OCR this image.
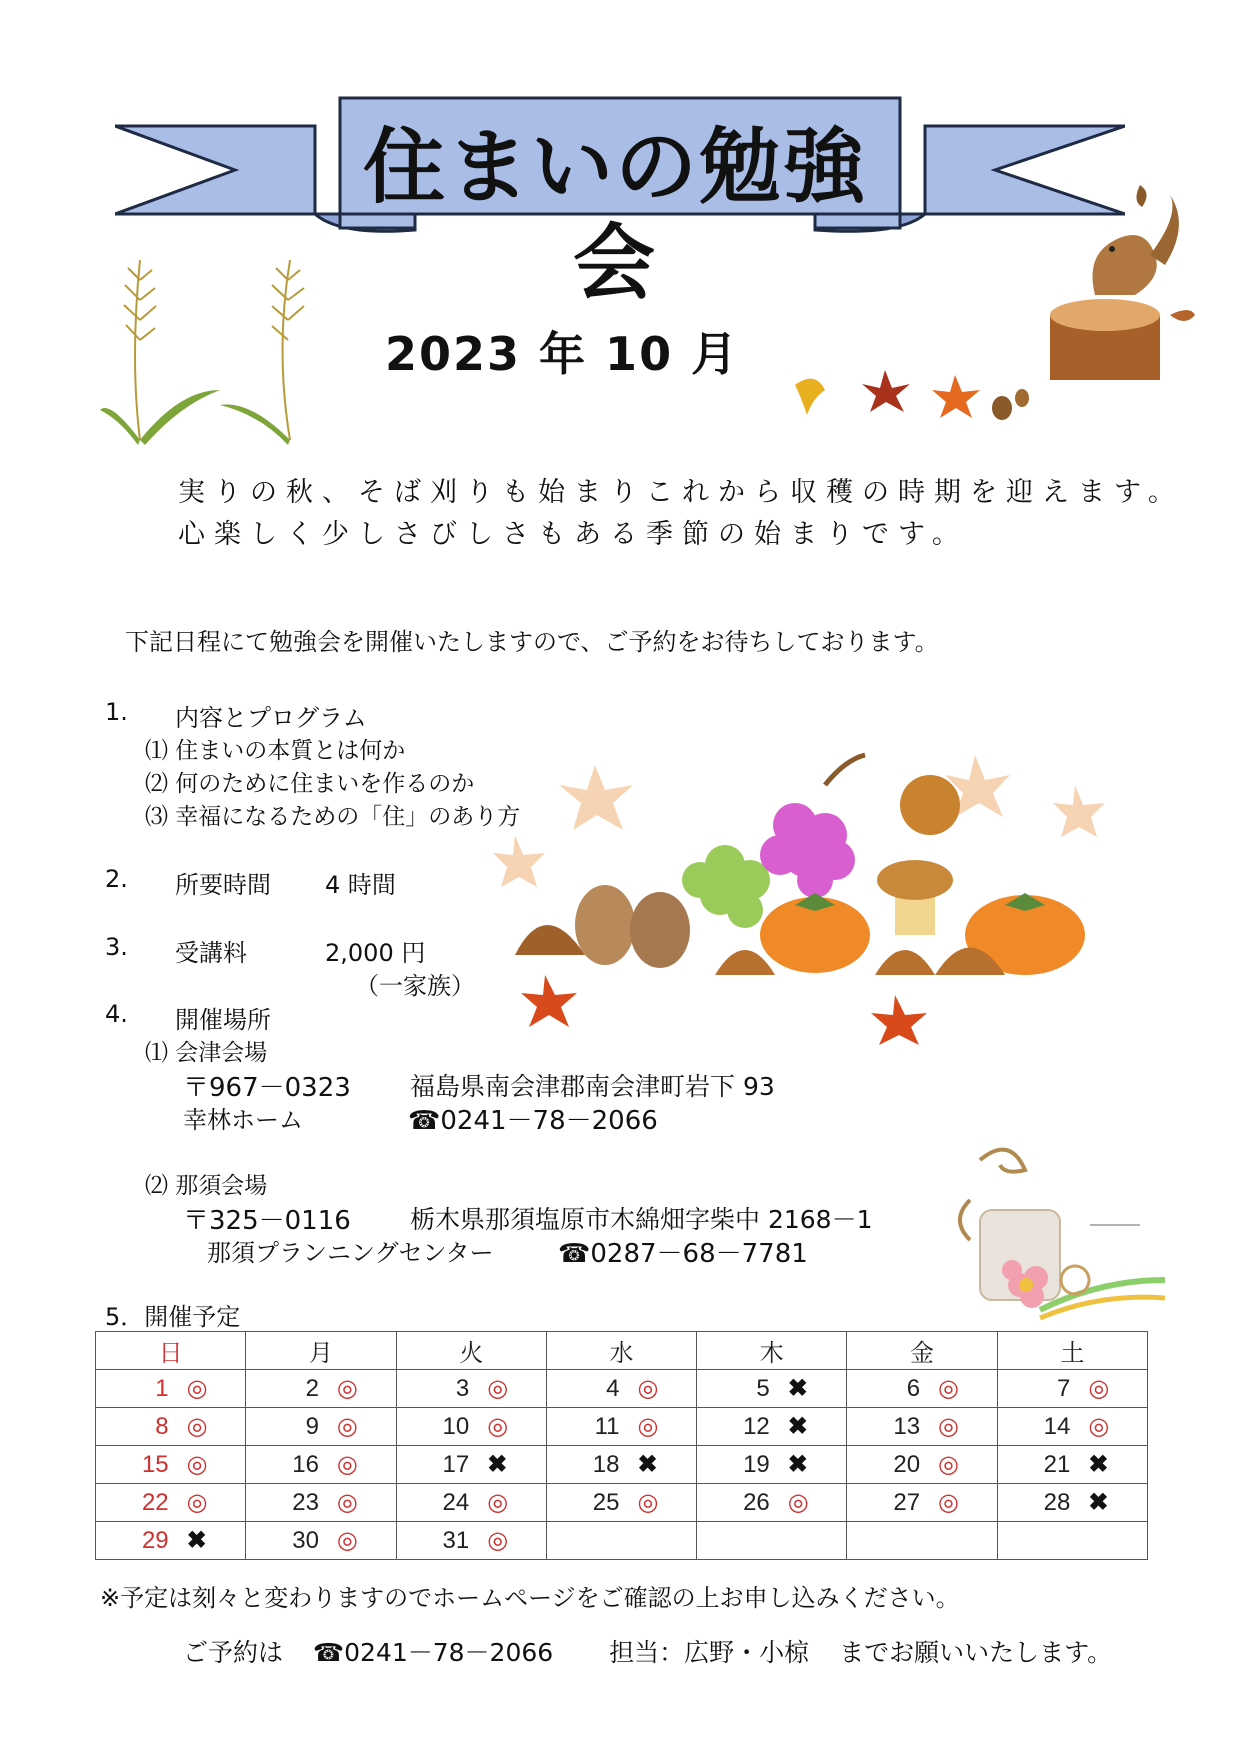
住まいの勉強会
2023 年 10 月
実りの秋、そば刈りも始まりこれから収穫の時期を迎えます。
心楽しく少しさびしさもある季節の始まりです。
下記日程にて勉強会を開催いたしますので、ご予約をお待ちしております。
1. 内容とプログラム
⑴ 住まいの本質とは何か
⑵ 何のために住まいを作るのか
⑶ 幸福になるための「住」のあり方
2. 所要時間 4 時間
3. 受講料	2,000 円
（一家族）
4. 開催場所
⑴ 会津会場
〒967－0323 福島県南会津郡南会津町岩下 93
幸林ホーム	☎0241－78－2066
⑵ 那須会場
〒325－0116 栃木県那須塩原市木綿畑字柴中 2168－1
那須プランニングセンター ☎0287－68－7781
5．開催予定
日	月	火	水	木	金	土
1 ◎	2 ◎	3 ◎	4 ◎	5 ✖	6 ◎	7 ◎
8 ◎	9 ◎	10 ◎	11 ◎	12 ✖	13 ◎	14 ◎
15 ◎	16 ◎	17 ✖	18 ✖	19 ✖	20 ◎	21 ✖
22 ◎	23 ◎	24 ◎	25 ◎	26 ◎	27 ◎	28 ✖
29 ✖	30 ◎	31 ◎				
※予定は刻々と変わりますのでホームページをご確認の上お申し込みください。
ご予約は ☎0241－78－2066 担当：広野・小椋 までお願いいたします。
